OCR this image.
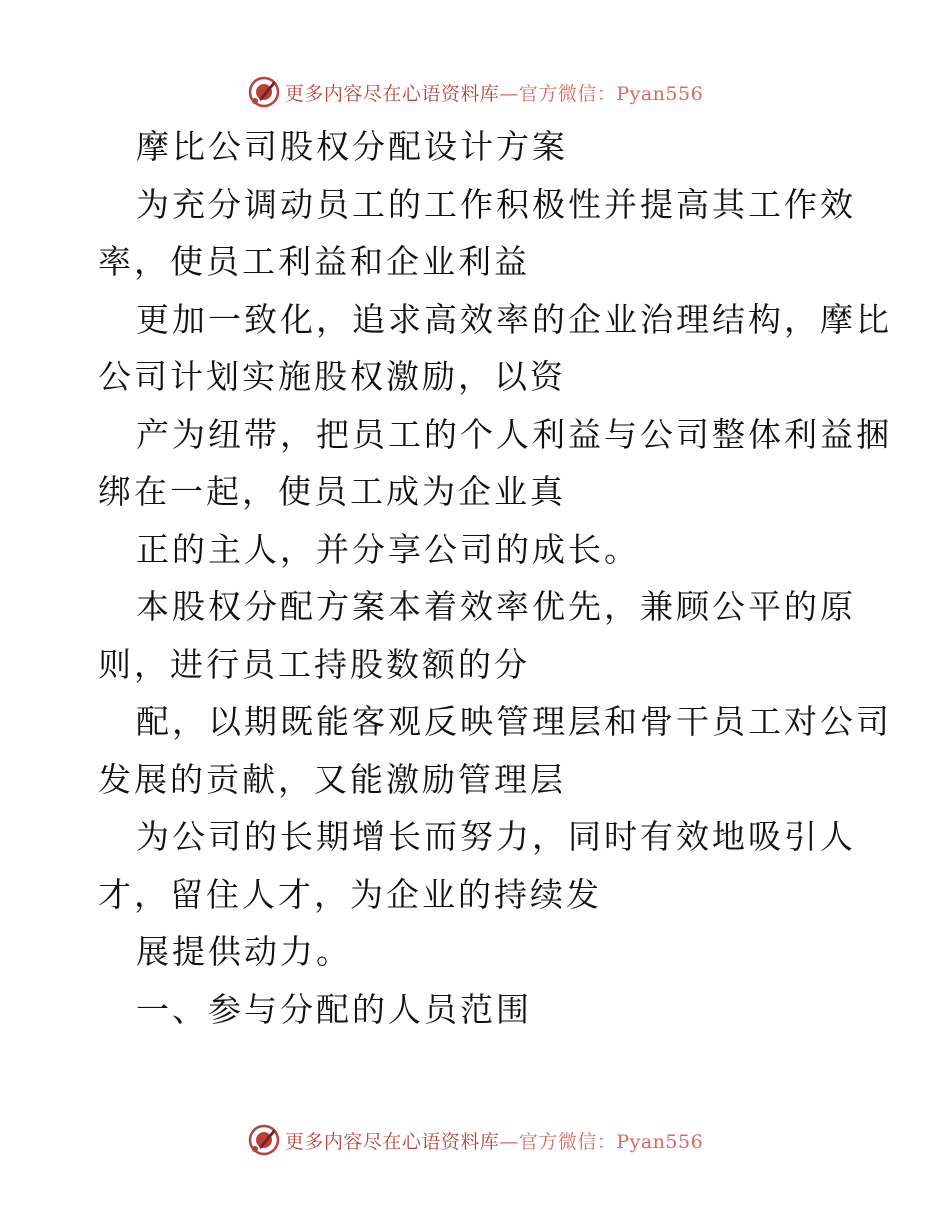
更多内容尽在心语资料库—官方微信：Pyan556
摩比公司股权分配设计方案
为充分调动员工的工作积极性并提高其工作效
率，使员工利益和企业利益
更加一致化，追求高效率的企业治理结构，摩比
公司计划实施股权激励，以资
产为纽带，把员工的个人利益与公司整体利益捆
绑在一起，使员工成为企业真
正的主人，并分享公司的成长。
本股权分配方案本着效率优先，兼顾公平的原
则，进行员工持股数额的分
配，以期既能客观反映管理层和骨干员工对公司
发展的贡献，又能激励管理层
为公司的长期增长而努力，同时有效地吸引人
才，留住人才，为企业的持续发
展提供动力。
一、参与分配的人员范围
更多内容尽在心语资料库—官方微信：Pyan556
